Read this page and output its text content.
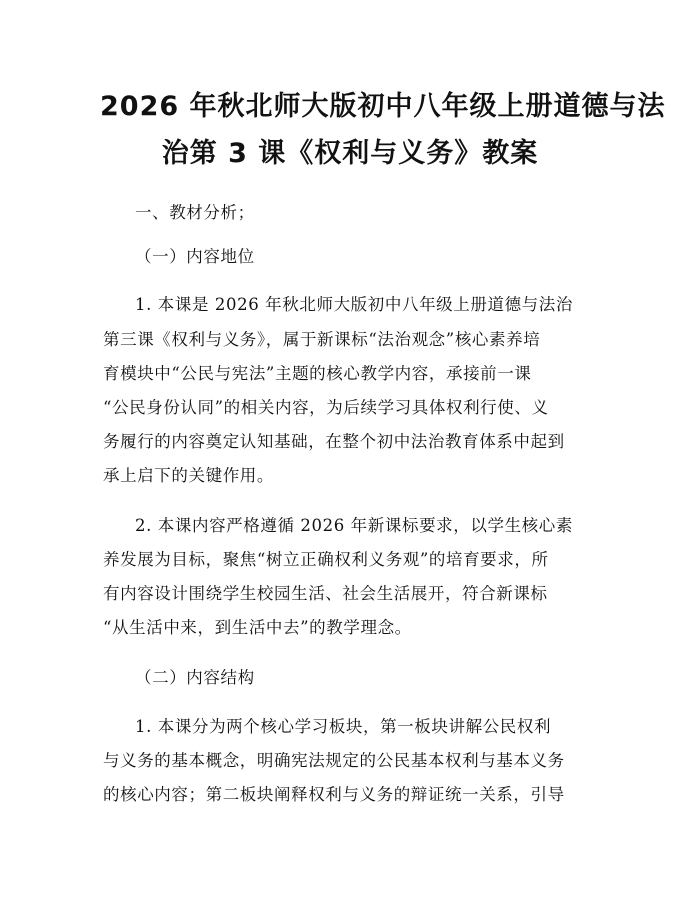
2026 年秋北师大版初中八年级上册道德与法
治第 3 课《权利与义务》教案
一、教材分析；
（一）内容地位
1. 本课是 2026 年秋北师大版初中八年级上册道德与法治
第三课《权利与义务》，属于新课标“法治观念”核心素养培
育模块中“公民与宪法”主题的核心教学内容，承接前一课
“公民身份认同”的相关内容，为后续学习具体权利行使、义
务履行的内容奠定认知基础，在整个初中法治教育体系中起到
承上启下的关键作用。
2. 本课内容严格遵循 2026 年新课标要求，以学生核心素
养发展为目标，聚焦“树立正确权利义务观”的培育要求，所
有内容设计围绕学生校园生活、社会生活展开，符合新课标
“从生活中来，到生活中去”的教学理念。
（二）内容结构
1. 本课分为两个核心学习板块，第一板块讲解公民权利
与义务的基本概念，明确宪法规定的公民基本权利与基本义务
的核心内容；第二板块阐释权利与义务的辩证统一关系，引导
